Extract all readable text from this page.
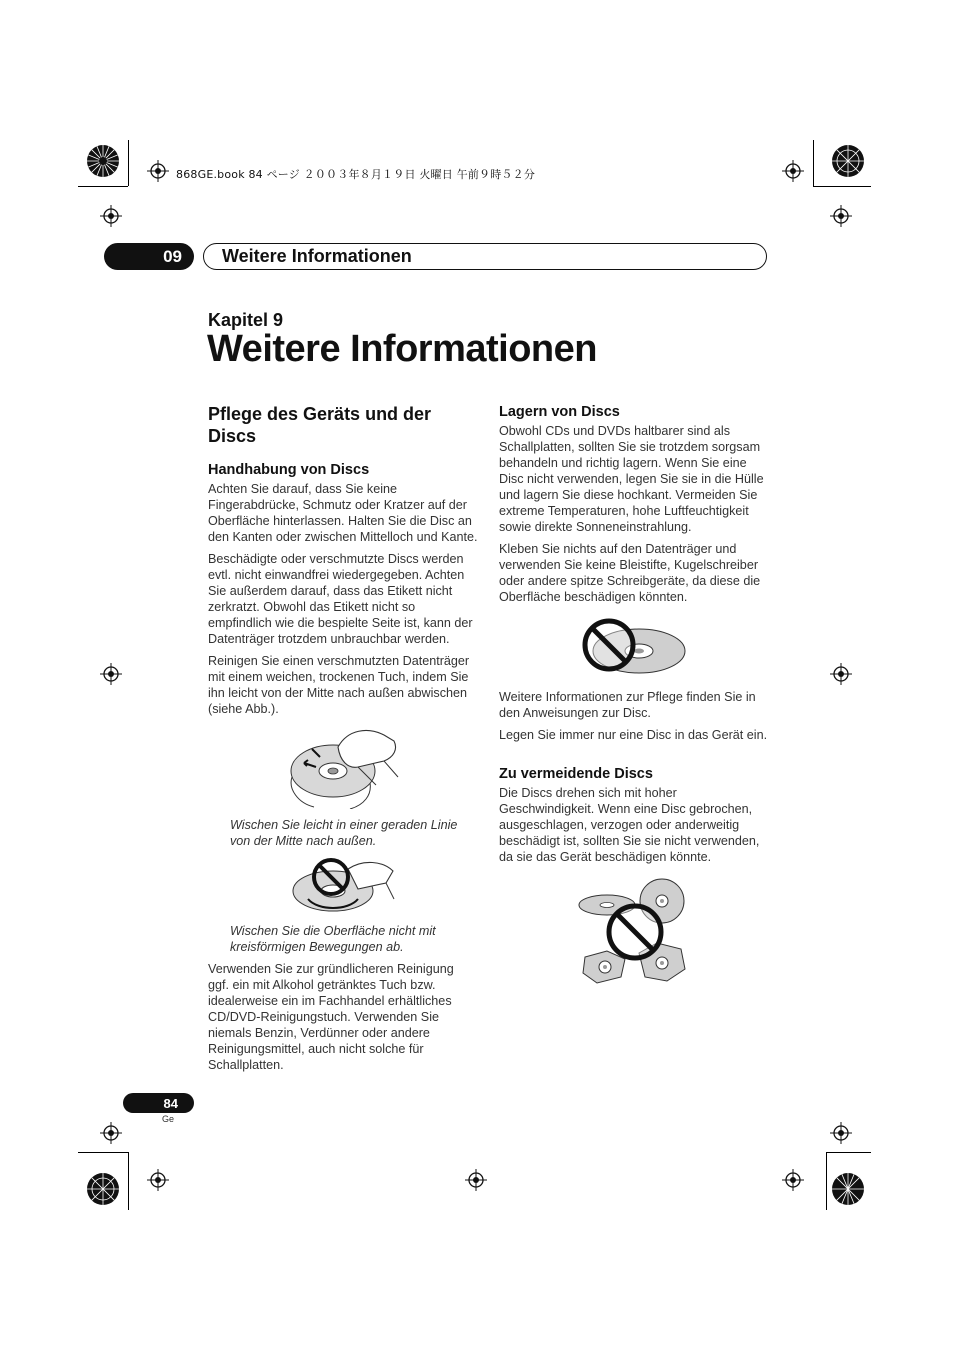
868GE.book 84 ページ ２００３年８月１９日 火曜日 午前９時５２分
09	Weitere Informationen
Kapitel 9
Weitere Informationen
Pflege des Geräts und der Discs
Handhabung von Discs

Achten Sie darauf, dass Sie keine Fingerabdrücke, Schmutz oder Kratzer auf der Oberfläche hinterlassen. Halten Sie die Disc an den Kanten oder zwischen Mittelloch und Kante.

Beschädigte oder verschmutzte Discs werden evtl. nicht einwandfrei wiedergegeben. Achten Sie außerdem darauf, dass das Etikett nicht zerkratzt. Obwohl das Etikett nicht so empfindlich wie die bespielte Seite ist, kann der Datenträger trotzdem unbrauchbar werden.

Reinigen Sie einen verschmutzten Datenträger mit einem weichen, trockenen Tuch, indem Sie ihn leicht von der Mitte nach außen abwischen (siehe Abb.).

Wischen Sie leicht in einer geraden Linie von der Mitte nach außen.

Wischen Sie die Oberfläche nicht mit kreisförmigen Bewegungen ab.

Verwenden Sie zur gründlicheren Reinigung ggf. ein mit Alkohol getränktes Tuch bzw. idealerweise ein im Fachhandel erhältliches CD/DVD-Reinigungstuch. Verwenden Sie niemals Benzin, Verdünner oder andere Reinigungsmittel, auch nicht solche für Schallplatten.

Lagern von Discs

Obwohl CDs und DVDs haltbarer sind als Schallplatten, sollten Sie sie trotzdem sorgsam behandeln und richtig lagern. Wenn Sie eine Disc nicht verwenden, legen Sie sie in die Hülle und lagern Sie diese hochkant. Vermeiden Sie extreme Temperaturen, hohe Luftfeuchtigkeit sowie direkte Sonneneinstrahlung.

Kleben Sie nichts auf den Datenträger und verwenden Sie keine Bleistifte, Kugelschreiber oder andere spitze Schreibgeräte, da diese die Oberfläche beschädigen könnten.

Weitere Informationen zur Pflege finden Sie in den Anweisungen zur Disc.

Legen Sie immer nur eine Disc in das Gerät ein.

Zu vermeidende Discs

Die Discs drehen sich mit hoher Geschwindigkeit. Wenn eine Disc gebrochen, ausgeschlagen, verzogen oder anderweitig beschädigt ist, sollten Sie sie nicht verwenden, da sie das Gerät beschädigen könnte.

84
Ge
